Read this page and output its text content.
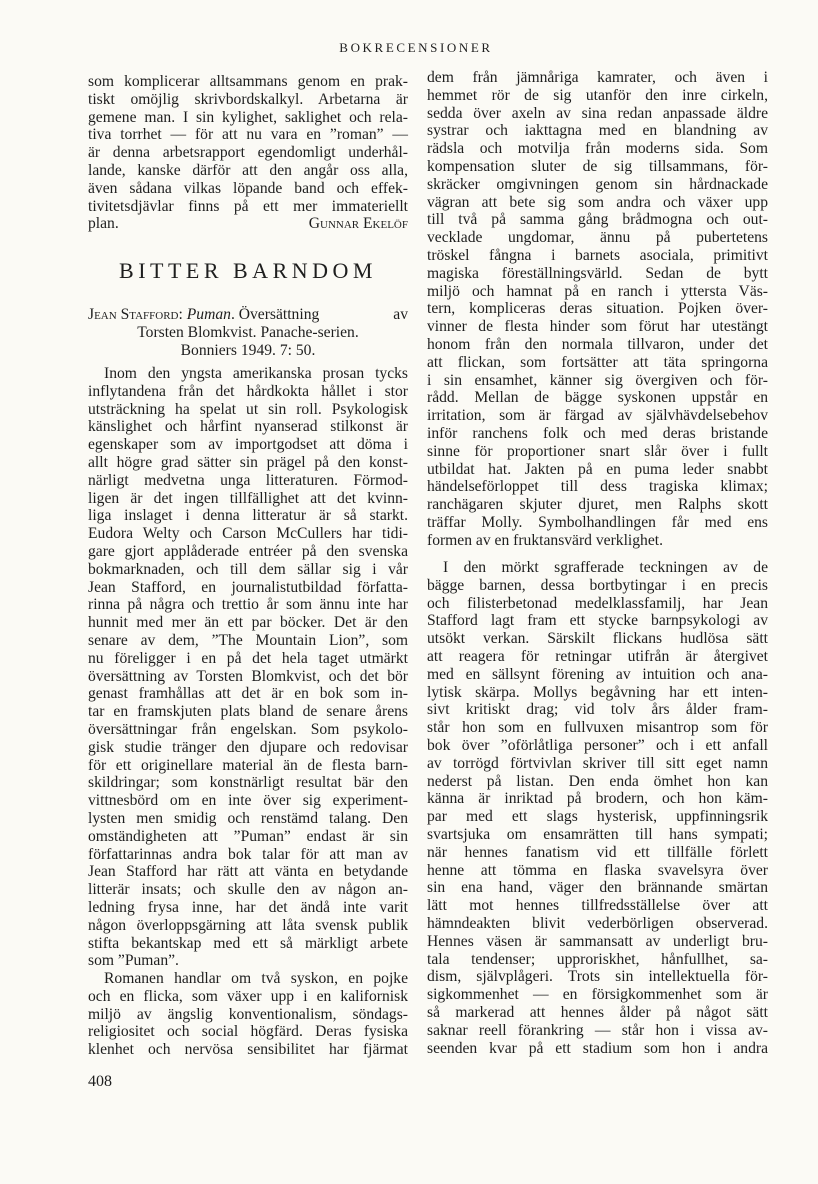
BOKRECENSIONER
som komplicerar alltsammans genom en prak-
tiskt omöjlig skrivbordskalkyl. Arbetarna är
gemene man. I sin kylighet, saklighet och rela-
tiva torrhet — för att nu vara en ”roman” —
är denna arbetsrapport egendomligt underhål-
lande, kanske därför att den angår oss alla,
även sådana vilkas löpande band och effek-
tivitetsdjävlar finns på ett mer immateriellt
plan.	Gunnar Ekelöf
BITTER BARNDOM
Jean Stafford: Puman. Översättning	av
Torsten Blomkvist. Panache-serien.
Bonniers 1949. 7: 50.
Inom den yngsta amerikanska prosan tycks
inflytandena från det hårdkokta hållet i stor
utsträckning ha spelat ut sin roll. Psykologisk
känslighet och hårfint nyanserad stilkonst är
egenskaper som av importgodset att döma i
allt högre grad sätter sin prägel på den konst-
närligt medvetna unga litteraturen. Förmod-
ligen är det ingen tillfällighet att det kvinn-
liga inslaget i denna litteratur är så starkt.
Eudora Welty och Carson McCullers har tidi-
gare gjort applåderade entréer på den svenska
bokmarknaden, och till dem sällar sig i vår
Jean Stafford, en journalistutbildad författa-
rinna på några och trettio år som ännu inte har
hunnit med mer än ett par böcker. Det är den
senare av dem, ”The Mountain Lion”, som
nu föreligger i en på det hela taget utmärkt
översättning av Torsten Blomkvist, och det bör
genast framhållas att det är en bok som in-
tar en framskjuten plats bland de senare årens
översättningar från engelskan. Som psykolo-
gisk studie tränger den djupare och redovisar
för ett originellare material än de flesta barn-
skildringar; som konstnärligt resultat bär den
vittnesbörd om en inte över sig experiment-
lysten men smidig och renstämd talang. Den
omständigheten att ”Puman” endast är sin
författarinnas andra bok talar för att man av
Jean Stafford har rätt att vänta en betydande
litterär insats; och skulle den av någon an-
ledning frysa inne, har det ändå inte varit
någon överloppsgärning att låta svensk publik
stifta bekantskap med ett så märkligt arbete
som ”Puman”.
Romanen handlar om två syskon, en pojke
och en flicka, som växer upp i en kalifornisk
miljö av ängslig konventionalism, söndags-
religiositet och social högfärd. Deras fysiska
klenhet och nervösa sensibilitet har fjärmat
408
dem från jämnåriga kamrater, och även i
hemmet rör de sig utanför den inre cirkeln,
sedda över axeln av sina redan anpassade äldre
systrar och iakttagna med en blandning av
rädsla och motvilja från moderns sida. Som
kompensation sluter de sig tillsammans, för-
skräcker omgivningen genom sin hårdnackade
vägran att bete sig som andra och växer upp
till två på samma gång brådmogna och out-
vecklade ungdomar, ännu på pubertetens
tröskel fångna i barnets asociala, primitivt
magiska föreställningsvärld. Sedan de bytt
miljö och hamnat på en ranch i yttersta Väs-
tern, kompliceras deras situation. Pojken över-
vinner de flesta hinder som förut har utestängt
honom från den normala tillvaron, under det
att flickan, som fortsätter att täta springorna
i sin ensamhet, känner sig övergiven och för-
rådd. Mellan de bägge syskonen uppstår en
irritation, som är färgad av självhävdelsebehov
inför ranchens folk och med deras bristande
sinne för proportioner snart slår över i fullt
utbildat hat. Jakten på en puma leder snabbt
händelseförloppet till dess tragiska klimax;
ranchägaren skjuter djuret, men Ralphs skott
träffar Molly. Symbolhandlingen får med ens
formen av en fruktansvärd verklighet.
I den mörkt sgrafferade teckningen av de
bägge barnen, dessa bortbytingar i en precis
och filisterbetonad medelklassfamilj, har Jean
Stafford lagt fram ett stycke barnpsykologi av
utsökt verkan. Särskilt flickans hudlösa sätt
att reagera för retningar utifrån är återgivet
med en sällsynt förening av intuition och ana-
lytisk skärpa. Mollys begåvning har ett inten-
sivt kritiskt drag; vid tolv års ålder fram-
står hon som en fullvuxen misantrop som för
bok över ”oförlåtliga personer” och i ett anfall
av torrögd förtvivlan skriver till sitt eget namn
nederst på listan. Den enda ömhet hon kan
känna är inriktad på brodern, och hon käm-
par med ett slags hysterisk, uppfinningsrik
svartsjuka om ensamrätten till hans sympati;
när hennes fanatism vid ett tillfälle förlett
henne att tömma en flaska svavelsyra över
sin ena hand, väger den brännande smärtan
lätt mot hennes tillfredsställelse över att
hämndeakten blivit vederbörligen observerad.
Hennes väsen är sammansatt av underligt bru-
tala tendenser; upproriskhet, hånfullhet, sa-
dism, självplågeri. Trots sin intellektuella för-
sigkommenhet — en försigkommenhet som är
så markerad att hennes ålder på något sätt
saknar reell förankring — står hon i vissa av-
seenden kvar på ett stadium som hon i andra
